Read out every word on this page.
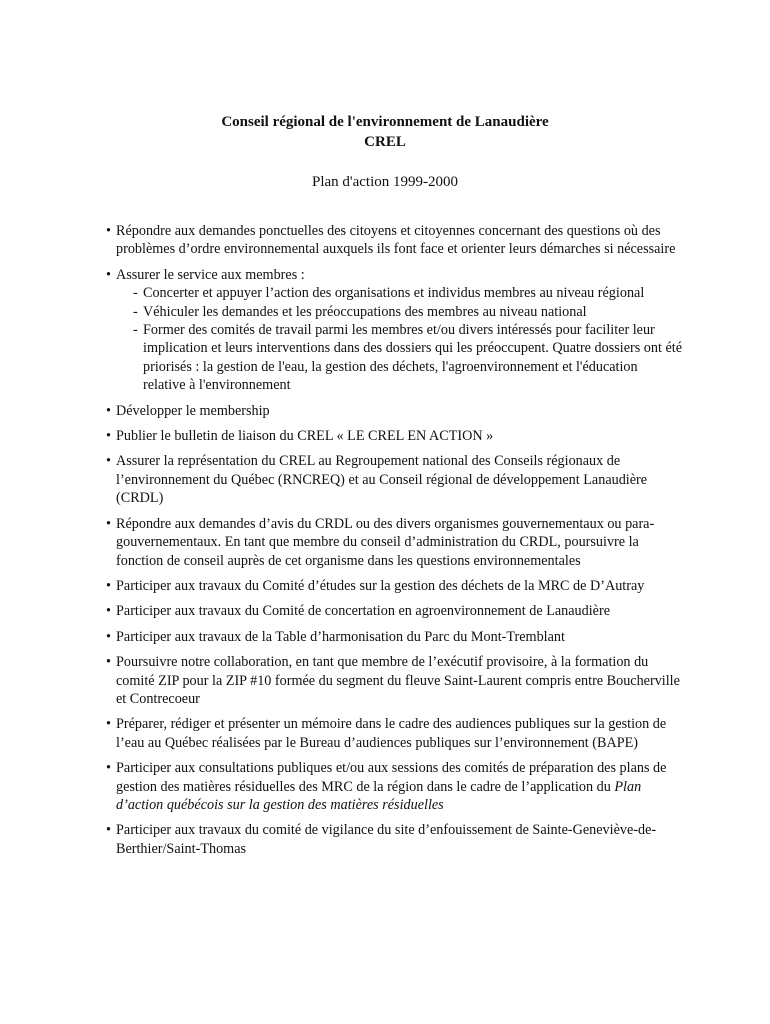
Conseil régional de l'environnement de Lanaudière
CREL
Plan d'action 1999-2000
• Répondre aux demandes ponctuelles des citoyens et citoyennes concernant des questions où des problèmes d’ordre environnemental auxquels ils font face et orienter leurs démarches si nécessaire
• Assurer le service aux membres :
- Concerter et appuyer l’action des organisations et individus membres au niveau régional
- Véhiculer les demandes et les préoccupations des membres au niveau national
- Former des comités de travail parmi les membres et/ou divers intéressés pour faciliter leur implication et leurs interventions dans des dossiers qui les préoccupent. Quatre dossiers ont été priorisés : la gestion de l'eau, la gestion des déchets, l'agroenvironnement et l'éducation relative à l'environnement
• Développer le membership
• Publier le bulletin de liaison du CREL « LE CREL EN ACTION »
• Assurer la représentation du CREL au Regroupement national des Conseils régionaux de l’environnement du Québec (RNCREQ) et au Conseil régional de développement Lanaudière (CRDL)
• Répondre aux demandes d’avis du CRDL ou des divers organismes gouvernementaux ou para-gouvernementaux. En tant que membre du conseil d’administration du CRDL, poursuivre la fonction de conseil auprès de cet organisme dans les questions environnementales
• Participer aux travaux du Comité d’études sur la gestion des déchets de la MRC de D’Autray
• Participer aux travaux du Comité de concertation en agroenvironnement de Lanaudière
• Participer aux travaux de la Table d’harmonisation du Parc du Mont-Tremblant
• Poursuivre notre collaboration, en tant que membre de l’exécutif provisoire, à la formation du comité ZIP pour la ZIP #10 formée du segment du fleuve Saint-Laurent compris entre Boucherville et Contrecoeur
• Préparer, rédiger et présenter un mémoire dans le cadre des audiences publiques sur la gestion de l’eau au Québec réalisées par le Bureau d’audiences publiques sur l’environnement (BAPE)
• Participer aux consultations publiques et/ou aux sessions des comités de préparation des plans de gestion des matières résiduelles des MRC de la région dans le cadre de l’application du Plan d’action québécois sur la gestion des matières résiduelles
• Participer aux travaux du comité de vigilance du site d’enfouissement de Sainte-Geneviève-de-Berthier/Saint-Thomas
